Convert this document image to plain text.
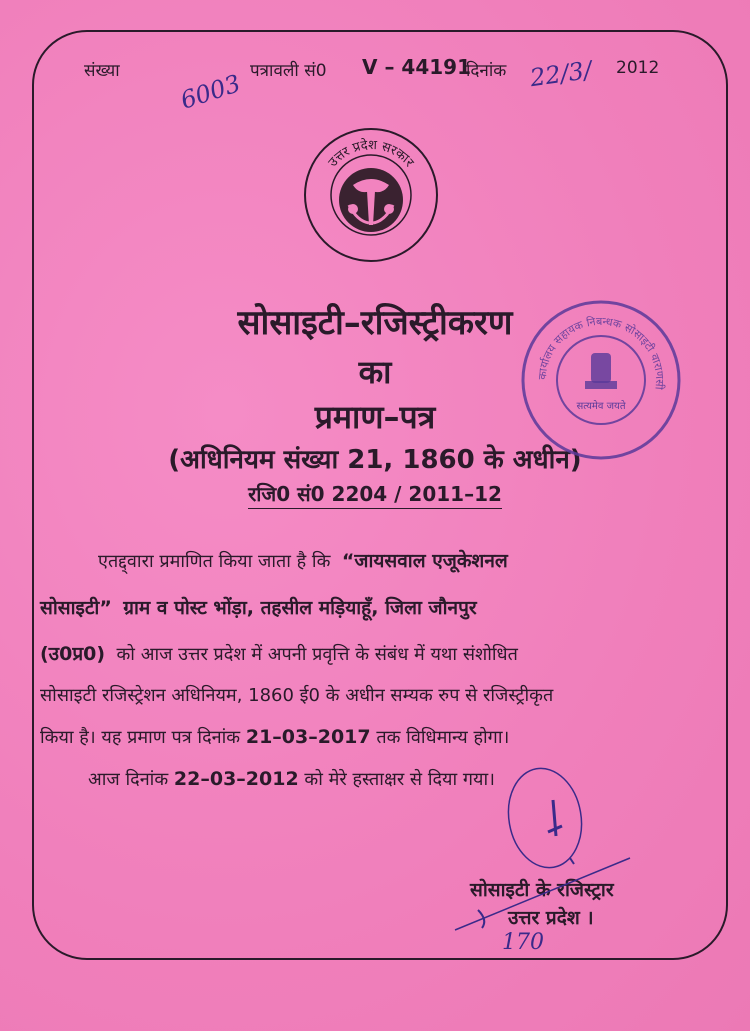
संख्या	पत्रावली सं0 V – 44191
दिनांक	2012
6003	22/3/
उत्तर प्रदेश सरकार
सोसाइटी–रजिस्ट्रीकरण
का
प्रमाण–पत्र
(अधिनियम संख्या 21, 1860 के अधीन)
रजि0 सं0 2204 / 2011–12
कार्यालय सहायक निबन्धक सोसाइटी वाराणसी
सत्यमेव जयते
एतद्द्वारा प्रमाणित किया जाता है कि “जायसवाल एजूकेशनल
सोसाइटी” ग्राम व पोस्ट भोंड़ा, तहसील मड़ियाहूँ, जिला जौनपुर
(उ0प्र0) को आज उत्तर प्रदेश में अपनी प्रवृत्ति के संबंध में यथा संशोधित
सोसाइटी रजिस्ट्रेशन अधिनियम, 1860 ई0 के अधीन सम्यक रुप से रजिस्ट्रीकृत
किया है। यह प्रमाण पत्र दिनांक 21–03–2017 तक विधिमान्य होगा।
आज दिनांक 22–03–2012 को मेरे हस्ताक्षर से दिया गया।
सोसाइटी के रजिस्ट्रार
उत्तर प्रदेश ।
170
